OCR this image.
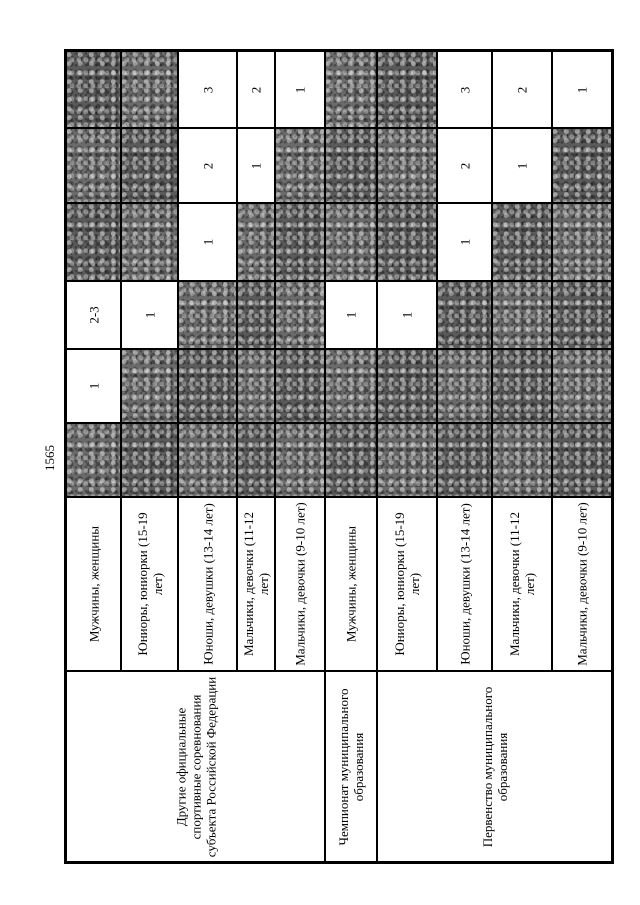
1565
Мужчины, женщины
1
2-3
Юниоры, юниорки (15-19 лет)
1
Юноши, девушки (13-14 лет)
1
2
3
Мальчики, девочки (11-12 лет)
1
2
Мальчики, девочки (9-10 лет)
1
Мужчины, женщины
1
Юниоры, юниорки (15-19 лет)
1
Юноши, девушки (13-14 лет)
1
2
3
Мальчики, девочки (11-12 лет)
1
2
Мальчики, девочки (9-10 лет)
1
Другие официальные спортивные соревнования субъекта Российской Федерации	Чемпионат муниципального образования	Первенство муниципального образования
